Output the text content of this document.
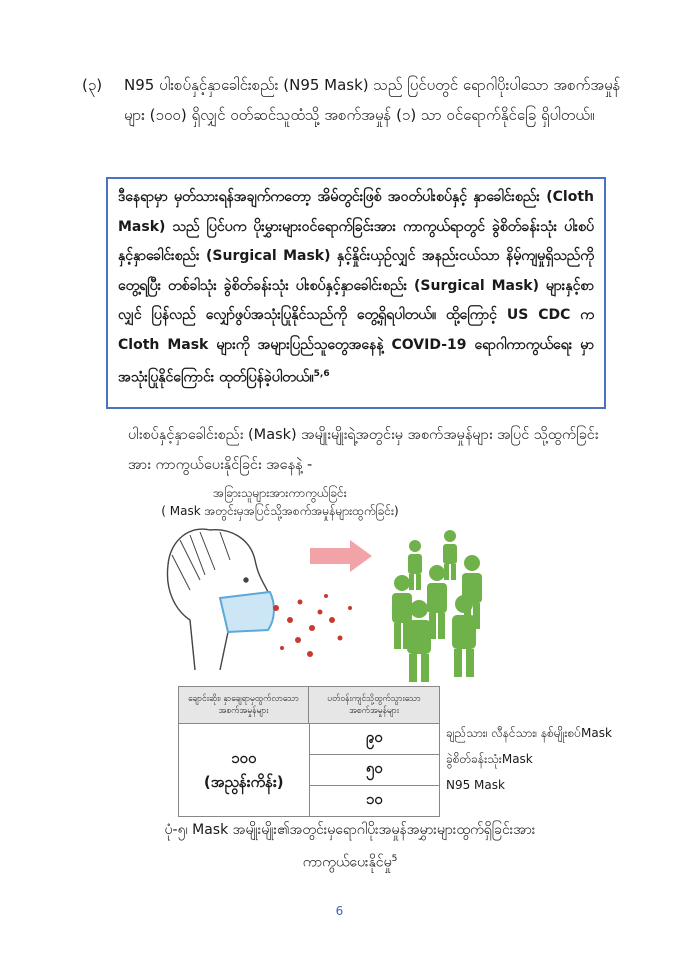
(၃) N95 ပါးစပ်နှင့်နှာခေါင်းစည်း (N95 Mask) သည် ပြင်ပတွင် ရောဂါပိုးပါသော အစက်အမှုန်များ (၁၀၀) ရှိလျှင် ဝတ်ဆင်သူထံသို့ အစက်အမှုန် (၁) သာ ဝင်ရောက်နိုင်ခြေ ရှိပါတယ်။
ဒီနေရာမှာ မှတ်သားရန်အချက်ကတော့ အိမ်တွင်းဖြစ် အဝတ်ပါးစပ်နှင့် နှာခေါင်းစည်း (Cloth Mask) သည် ပြင်ပက ပိုးမွှားများဝင်ရောက်ခြင်းအား ကာကွယ်ရာတွင် ခွဲစိတ်ခန်းသုံး ပါးစပ်နှင့်နှာခေါင်းစည်း (Surgical Mask) နှင့်နှိုင်းယှဉ်လျှင် အနည်းငယ်သာ နိမ့်ကျမှုရှိသည်ကို တွေ့ရပြီး တစ်ခါသုံး ခွဲစိတ်ခန်းသုံး ပါးစပ်နှင့်နှာခေါင်းစည်း (Surgical Mask) များနှင့်စာလျှင် ပြန်လည် လျှော်ဖွပ်အသုံးပြုနိုင်သည်ကို တွေ့ရှိရပါတယ်။ ထို့ကြောင့် US CDC က Cloth Mask များကို အများပြည်သူတွေအနေနဲ့ COVID-19 ရောဂါကာကွယ်ရေး မှာအသုံးပြုနိုင်ကြောင်း ထုတ်ပြန်ခဲ့ပါတယ်။$^{5,6}$
ပါးစပ်နှင့်နှာခေါင်းစည်း (Mask) အမျိုးမျိုးရဲ့အတွင်းမှ အစက်အမှုန်များ အပြင် သို့ထွက်ခြင်းအား ကာကွယ်ပေးနိုင်ခြင်း အနေနဲ့ -
အခြားသူများအားကာကွယ်ခြင်း
( Mask အတွင်းမှအပြင်သို့အစက်အမှုန်များထွက်ခြင်း)
ချောင်းဆိုး၊ နှာချေရာမှထွက်လာသော အစက်အမှုန်များ
ပတ်ဝန်းကျင်သို့ထွက်သွားသော အစက်အမှုန်များ
၁၀၀
(အညွန်းကိန်း)
၉၀
၅၀
၁၀
ချည်သား၊ လီနင်သား၊ နစ်မျိုးစပ်Mask
ခွဲစိတ်ခန်းသုံးMask
N95 Mask
ပုံ-၅၊ Mask အမျိုးမျိုး၏အတွင်းမှရောဂါပိုးအမှုန်အမွှားများထွက်ရှိခြင်းအား
ကာကွယ်ပေးနိုင်မှု$^5$
6
